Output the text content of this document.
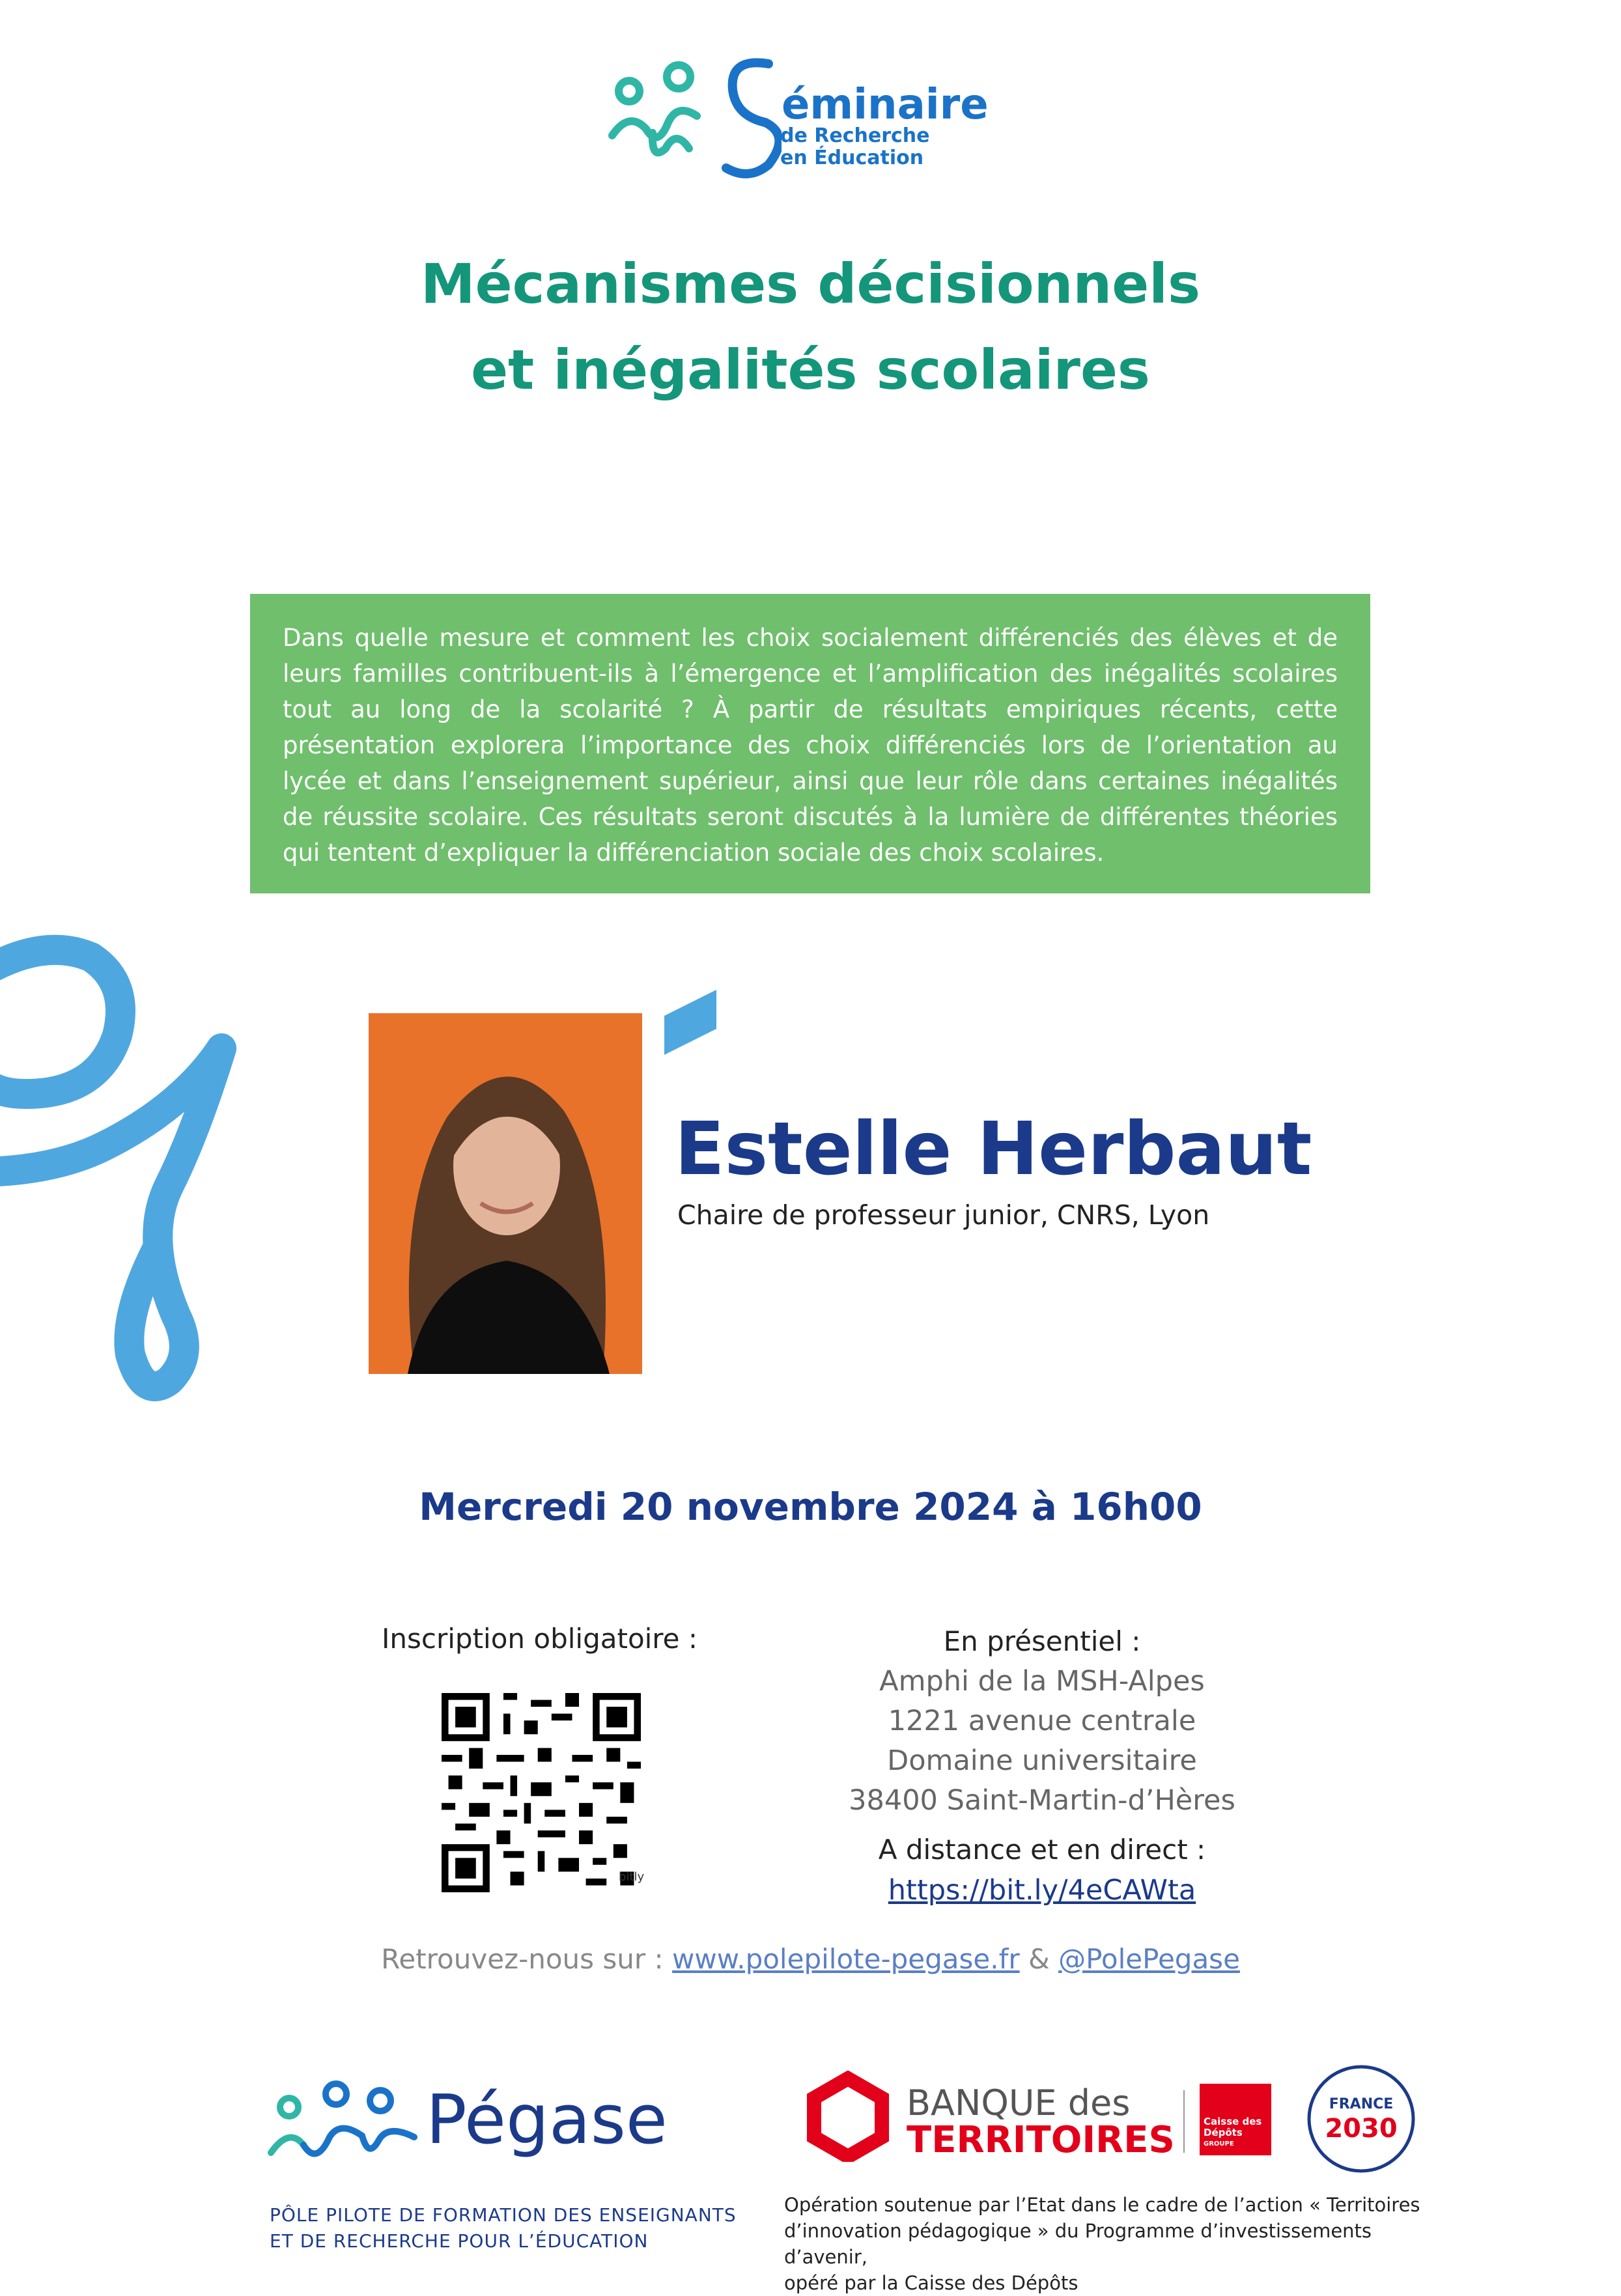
éminaire
de Recherche
en Éducation
Mécanismes décisionnels
et inégalités scolaires
Dans quelle mesure et comment les choix socialement différenciés des élèves et de leurs familles contribuent-ils à l’émergence et l’amplification des inégalités scolaires tout au long de la scolarité ? À partir de résultats empiriques récents, cette présentation explorera l’importance des choix différenciés lors de l’orientation au lycée et dans l’enseignement supérieur, ainsi que leur rôle dans certaines inégalités de réussite scolaire. Ces résultats seront discutés à la lumière de différentes théories qui tentent d’expliquer la différenciation sociale des choix scolaires.
Estelle Herbaut
Chaire de professeur junior, CNRS, Lyon
Mercredi 20 novembre 2024 à 16h00
Inscription obligatoire :
bitly
En présentiel :
Amphi de la MSH-Alpes
1221 avenue centrale
Domaine universitaire
38400 Saint-Martin-d’Hères
A distance et en direct :
https://bit.ly/4eCAWta
Retrouvez-nous sur : www.polepilote-pegase.fr & @PolePegase
Pégase
PÔLE PILOTE DE FORMATION DES ENSEIGNANTS
ET DE RECHERCHE POUR L’ÉDUCATION
BANQUE des
TERRITOIRES	Caisse des Dépôts
GROUPE
FRANCE
2030
Opération soutenue par l’Etat dans le cadre de l’action « Territoires
d’innovation pédagogique » du Programme d’investissements d’avenir,
opéré par la Caisse des Dépôts
